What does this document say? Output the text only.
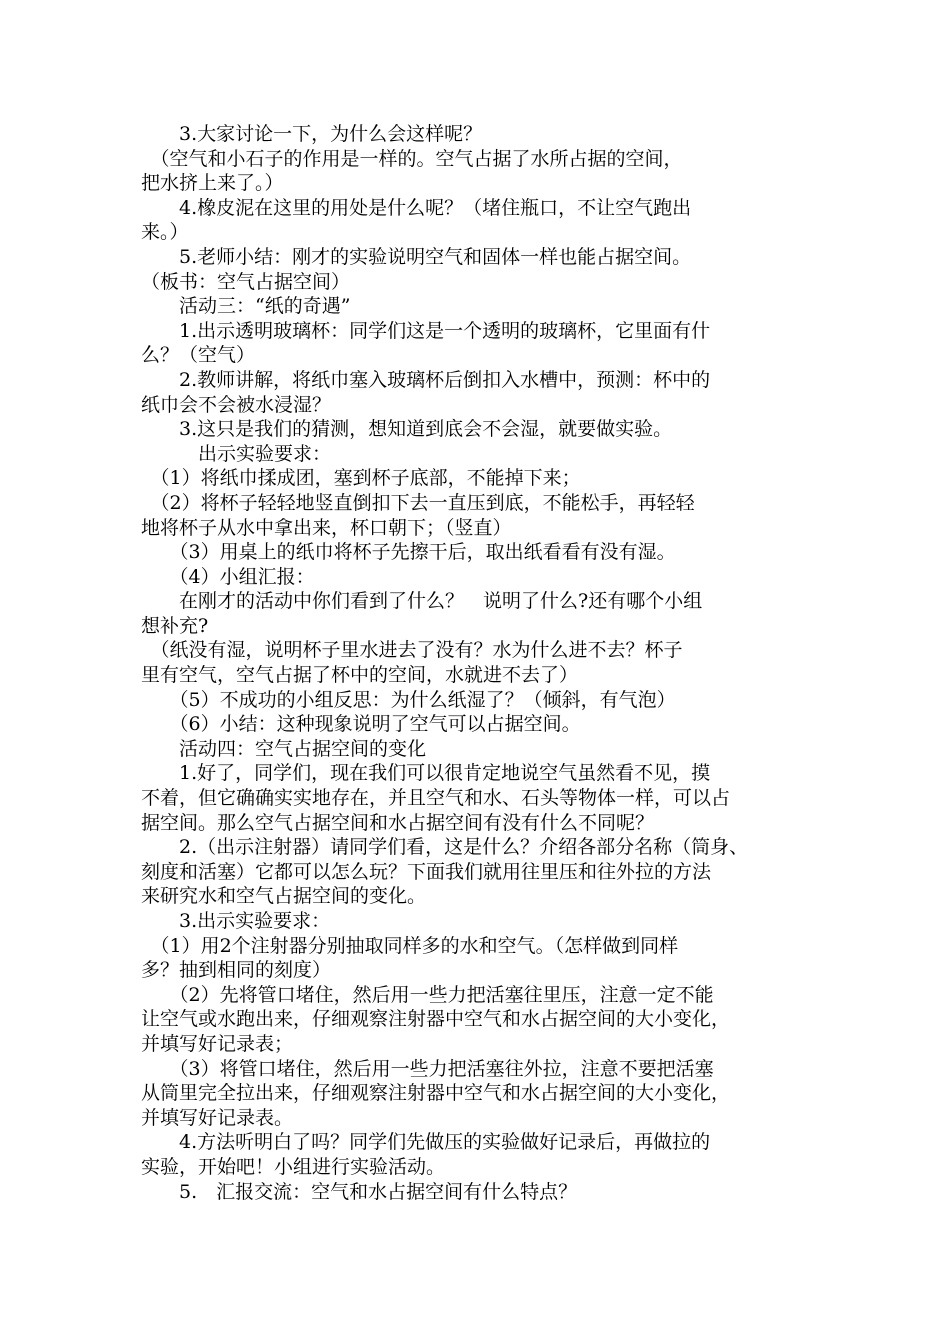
　　3.大家讨论一下，为什么会这样呢？
　（空气和小石子的作用是一样的。空气占据了水所占据的空间，
把水挤上来了。）
　　4.橡皮泥在这里的用处是什么呢？（堵住瓶口，不让空气跑出
来。）
　　5.老师小结：刚才的实验说明空气和固体一样也能占据空间。
（板书：空气占据空间）
　　活动三：“纸的奇遇”
　　1.出示透明玻璃杯：同学们这是一个透明的玻璃杯，它里面有什
么？（空气）
　　2.教师讲解，将纸巾塞入玻璃杯后倒扣入水槽中，预测：杯中的
纸巾会不会被水浸湿？
　　3.这只是我们的猜测，想知道到底会不会湿，就要做实验。
　　　出示实验要求：
　（1）将纸巾揉成团，塞到杯子底部，不能掉下来；
　（2）将杯子轻轻地竖直倒扣下去一直压到底，不能松手，再轻轻
地将杯子从水中拿出来，杯口朝下；（竖直）
　　（3）用桌上的纸巾将杯子先擦干后，取出纸看看有没有湿。
　　（4）小组汇报：
　　在刚才的活动中你们看到了什么？　说明了什么?还有哪个小组
想补充?
　（纸没有湿，说明杯子里水进去了没有？水为什么进不去？杯子
里有空气，空气占据了杯中的空间，水就进不去了）
　　（5）不成功的小组反思：为什么纸湿了？（倾斜，有气泡）
　　（6）小结：这种现象说明了空气可以占据空间。
　　活动四：空气占据空间的变化
　　1.好了，同学们，现在我们可以很肯定地说空气虽然看不见，摸
不着，但它确确实实地存在，并且空气和水、石头等物体一样，可以占
据空间。那么空气占据空间和水占据空间有没有什么不同呢？
　　2.（出示注射器）请同学们看，这是什么？介绍各部分名称（筒身、
刻度和活塞）它都可以怎么玩？下面我们就用往里压和往外拉的方法
来研究水和空气占据空间的变化。
　　3.出示实验要求：
　（1）用2个注射器分别抽取同样多的水和空气。（怎样做到同样
多？抽到相同的刻度）
　　（2）先将管口堵住，然后用一些力把活塞往里压，注意一定不能
让空气或水跑出来，仔细观察注射器中空气和水占据空间的大小变化，
并填写好记录表；
　　（3）将管口堵住，然后用一些力把活塞往外拉，注意不要把活塞
从筒里完全拉出来，仔细观察注射器中空气和水占据空间的大小变化，
并填写好记录表。
　　4.方法听明白了吗？同学们先做压的实验做好记录后，再做拉的
实验，开始吧！小组进行实验活动。
　　5.　汇报交流：空气和水占据空间有什么特点？
